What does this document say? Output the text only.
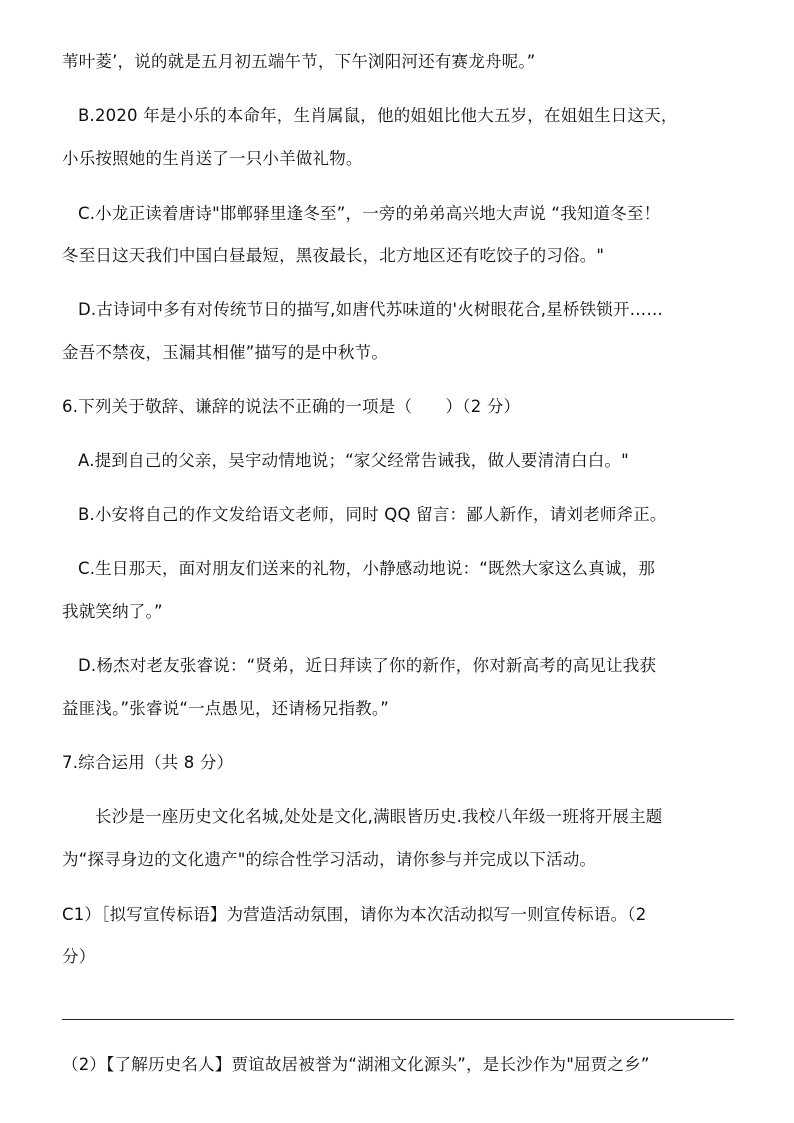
苇叶菱’，说的就是五月初五端午节，下午浏阳河还有赛龙舟呢。”
B.2020 年是小乐的本命年，生肖属鼠，他的姐姐比他大五岁，在姐姐生日这天，
小乐按照她的生肖送了一只小羊做礼物。
C.小龙正读着唐诗"邯郸驿里逢冬至”，一旁的弟弟高兴地大声说 “我知道冬至！
冬至日这天我们中国白昼最短，黑夜最长，北方地区还有吃饺子的习俗。"
D.古诗词中多有对传统节日的描写,如唐代苏味道的'火树眼花合,星桥铁锁开……
金吾不禁夜，玉漏其相催”描写的是中秋节。
6.下列关于敬辞、谦辞的说法不正确的一项是（　　）（2 分）
A.提到自己的父亲，吴宇动情地说；“家父经常告诫我，做人要清清白白。"
B.小安将自己的作文发给语文老师，同时 QQ 留言：鄙人新作，请刘老师斧正。
C.生日那天，面对朋友们送来的礼物，小静感动地说：“既然大家这么真诚，那
我就笑纳了。”
D.杨杰对老友张睿说：“贤弟，近日拜读了你的新作，你对新高考的高见让我获
益匪浅。”张睿说“一点愚见，还请杨兄指教。”
7.综合运用（共 8 分）
长沙是一座历史文化名城,处处是文化,满眼皆历史.我校八年级一班将开展主题
为“探寻身边的文化遗产"的综合性学习活动，请你参与并完成以下活动。
C1）［拟写宣传标语】为营造活动氛围，请你为本次活动拟写一则宣传标语。（2
分）
（2）【了解历史名人】贾谊故居被誉为“湖湘文化源头”，是长沙作为"屈贾之乡”
